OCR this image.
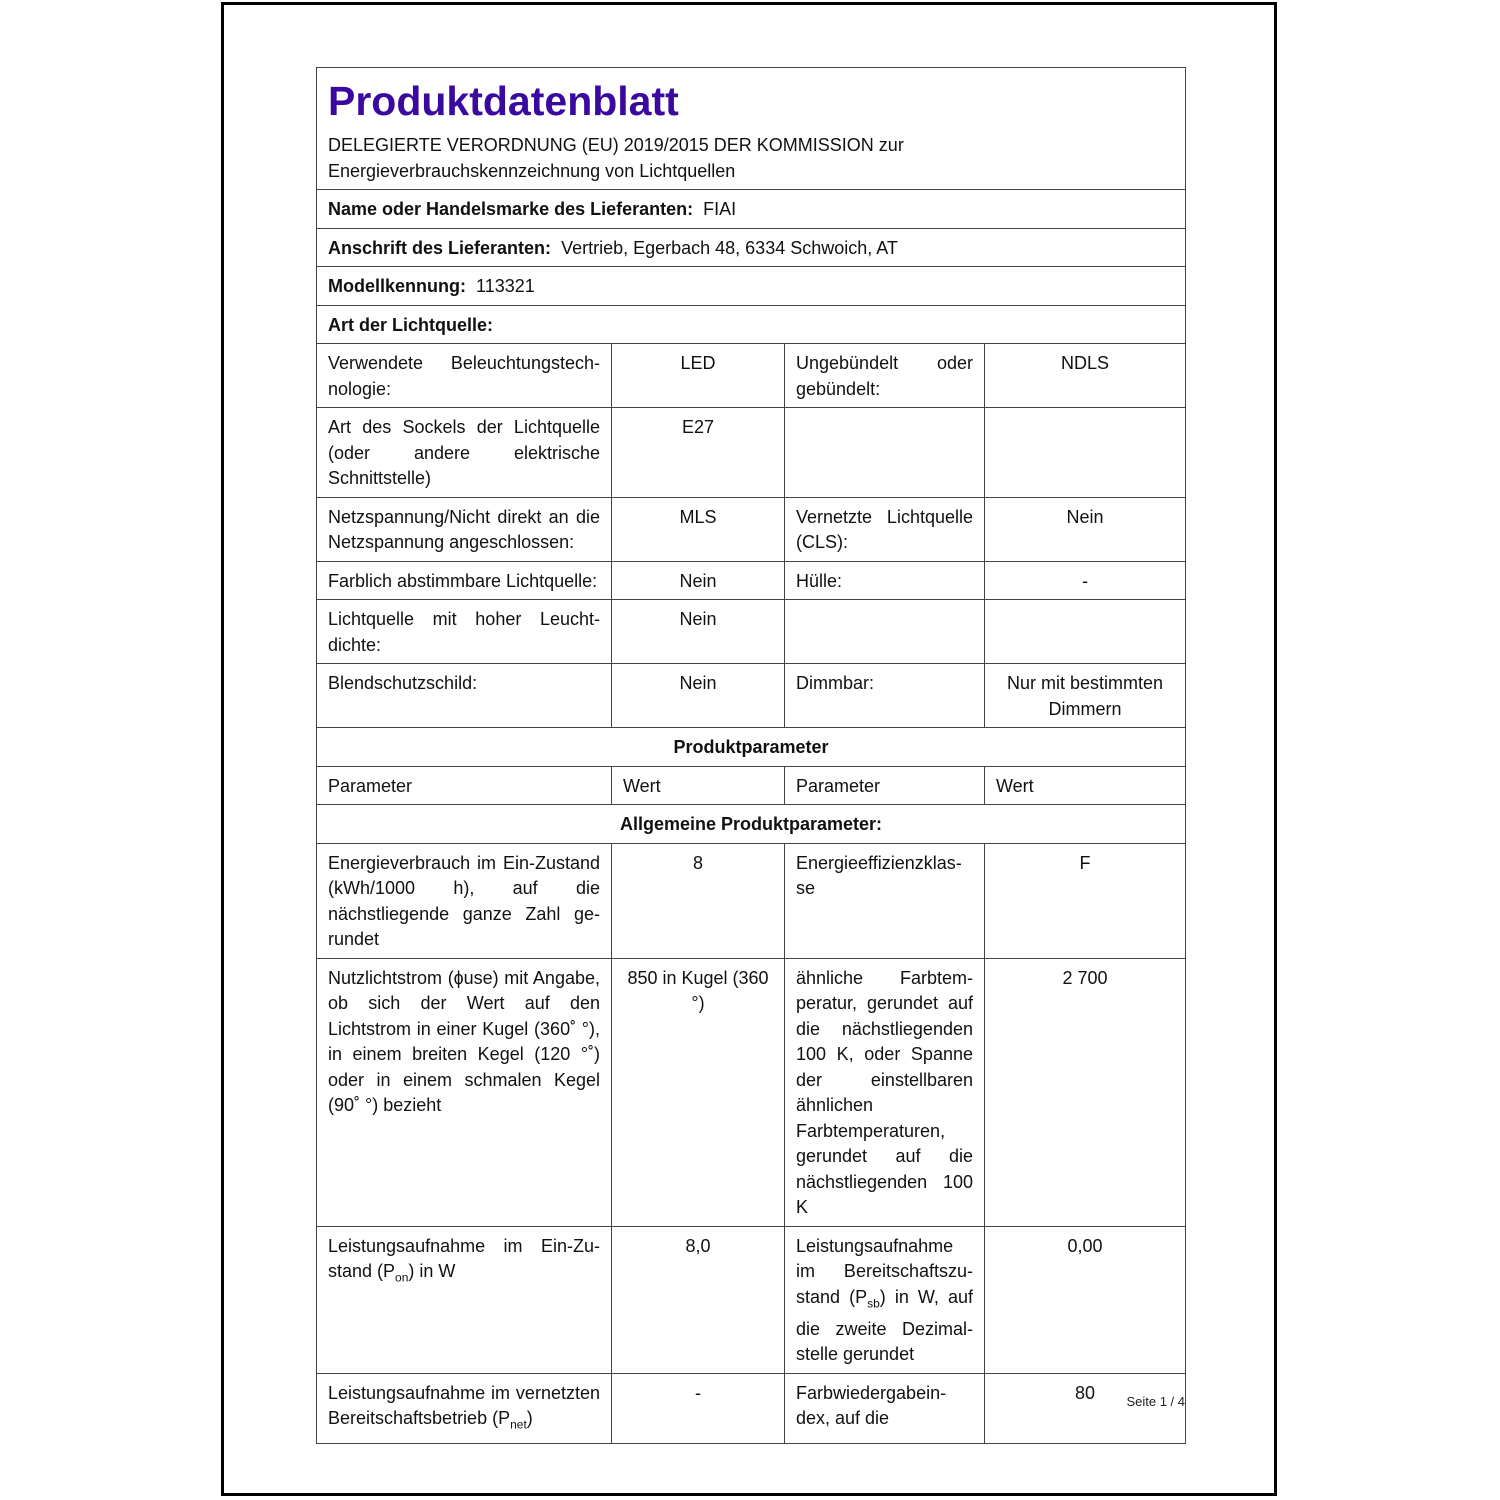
Produktdatenblatt
DELEGIERTE VERORDNUNG (EU) 2019/2015 DER KOMMISSION zur Energieverbrauchskennzeichnung von Lichtquellen			

Name oder Handelsmarke des Lieferanten: FIAI			
Anschrift des Lieferanten: Vertrieb, Egerbach 48, 6334 Schwoich, AT			
Modellkennung: 113321			
Art der Lichtquelle:			
Verwendete Beleuchtungstechnologie:	LED	Ungebündelt oder gebündelt:	NDLS
Art des Sockels der Lichtquelle (oder andere elektrische Schnittstelle)	E27		
Netzspannung/Nicht direkt an die Netzspannung angeschlossen:	MLS	Vernetzte Lichtquelle (CLS):	Nein
Farblich abstimmbare Lichtquelle:	Nein	Hülle:	-
Lichtquelle mit hoher Leuchtdichte:	Nein		
Blendschutzschild:	Nein	Dimmbar:	Nur mit bestimmten Dimmern
Produktparameter			
Parameter	Wert	Parameter	Wert
Allgemeine Produktparameter:			
Energieverbrauch im Ein-Zustand (kWh/1000 h), auf die nächstliegende ganze Zahl gerundet	8	Energieeffizienzklasse	F
Nutzlichtstrom (ɸuse) mit Angabe, ob sich der Wert auf den Lichtstrom in einer Kugel (360˚ °), in einem breiten Kegel (120 °˚) oder in einem schmalen Kegel (90˚ °) bezieht	850 in Kugel (360 °)	ähnliche Farbtemperatur, gerundet auf die nächstliegenden 100 K, oder Spanne der einstellbaren ähnlichen Farbtemperaturen, gerundet auf die nächstliegenden 100 K	2 700
Leistungsaufnahme im Ein-Zustand $(P_{on})$ in W	8,0	Leistungsaufnahme im Bereitschaftszustand $(P_{sb})$ in W, auf die zweite Dezimalstelle gerundet	0,00
Leistungsaufnahme im vernetzten Bereitschaftsbetrieb $(P_{net})$	-	Farbwiedergabeindex, auf die	80	Seite 1 / 4
